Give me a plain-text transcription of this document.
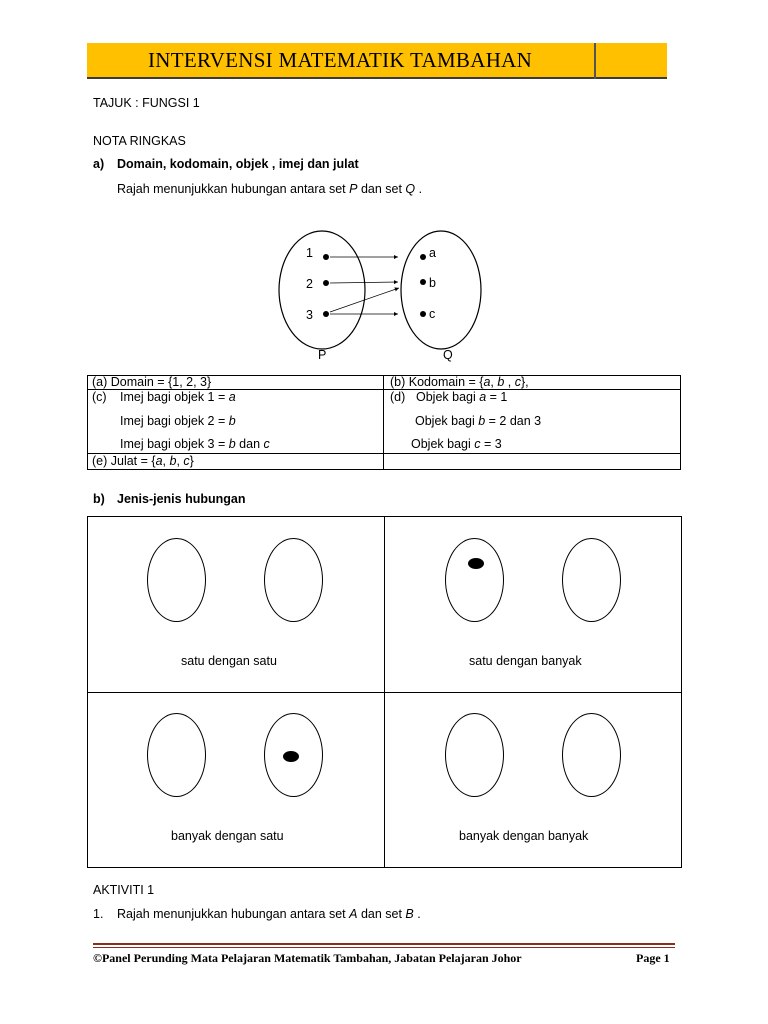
INTERVENSI MATEMATIK TAMBAHAN
TAJUK : FUNGSI 1
NOTA RINGKAS
a) Domain, kodomain, objek , imej dan julat
Rajah menunjukkan hubungan antara set P dan set Q .
1
2
3
a
b
c
P	Q
(a) Domain = {1, 2, 3}	(b) Kodomain = {a, b , c},
(c) Imej bagi objek 1 = a
Imej bagi objek 2 = b
Imej bagi objek 3 = b dan c
(d) Objek bagi a = 1
Objek bagi b = 2 dan 3
Objek bagi c = 3
(e) Julat = {a, b, c}
b) Jenis-jenis hubungan
satu dengan satu	satu dengan banyak
banyak dengan satu	banyak dengan banyak
AKTIVITI 1
1. Rajah menunjukkan hubungan antara set A dan set B .
©Panel Perunding Mata Pelajaran Matematik Tambahan, Jabatan Pelajaran Johor	Page 1
